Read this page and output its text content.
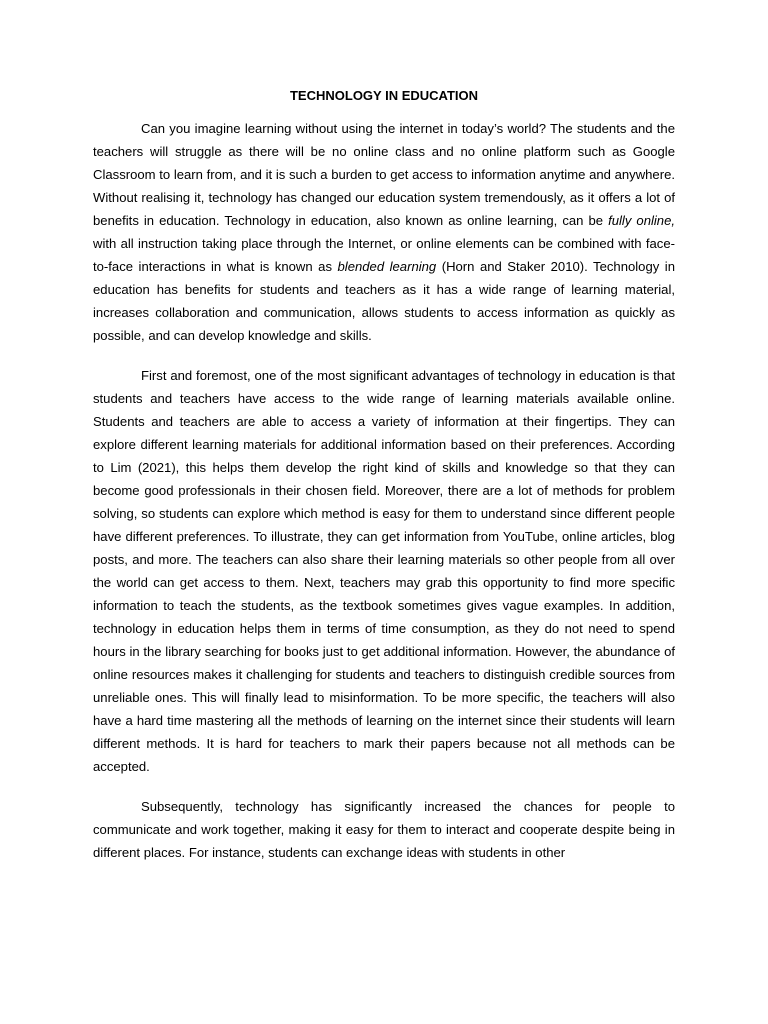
TECHNOLOGY IN EDUCATION

Can you imagine learning without using the internet in today’s world? The students and the teachers will struggle as there will be no online class and no online platform such as Google Classroom to learn from, and it is such a burden to get access to information anytime and anywhere. Without realising it, technology has changed our education system tremendously, as it offers a lot of benefits in education. Technology in education, also known as online learning, can be fully online, with all instruction taking place through the Internet, or online elements can be combined with face-to-face interactions in what is known as blended learning (Horn and Staker 2010). Technology in education has benefits for students and teachers as it has a wide range of learning material, increases collaboration and communication, allows students to access information as quickly as possible, and can develop knowledge and skills.

First and foremost, one of the most significant advantages of technology in education is that students and teachers have access to the wide range of learning materials available online. Students and teachers are able to access a variety of information at their fingertips. They can explore different learning materials for additional information based on their preferences. According to Lim (2021), this helps them develop the right kind of skills and knowledge so that they can become good professionals in their chosen field. Moreover, there are a lot of methods for problem solving, so students can explore which method is easy for them to understand since different people have different preferences. To illustrate, they can get information from YouTube, online articles, blog posts, and more. The teachers can also share their learning materials so other people from all over the world can get access to them. Next, teachers may grab this opportunity to find more specific information to teach the students, as the textbook sometimes gives vague examples. In addition, technology in education helps them in terms of time consumption, as they do not need to spend hours in the library searching for books just to get additional information. However, the abundance of online resources makes it challenging for students and teachers to distinguish credible sources from unreliable ones. This will finally lead to misinformation. To be more specific, the teachers will also have a hard time mastering all the methods of learning on the internet since their students will learn different methods. It is hard for teachers to mark their papers because not all methods can be accepted.

Subsequently, technology has significantly increased the chances for people to communicate and work together, making it easy for them to interact and cooperate despite being in different places. For instance, students can exchange ideas with students in other
